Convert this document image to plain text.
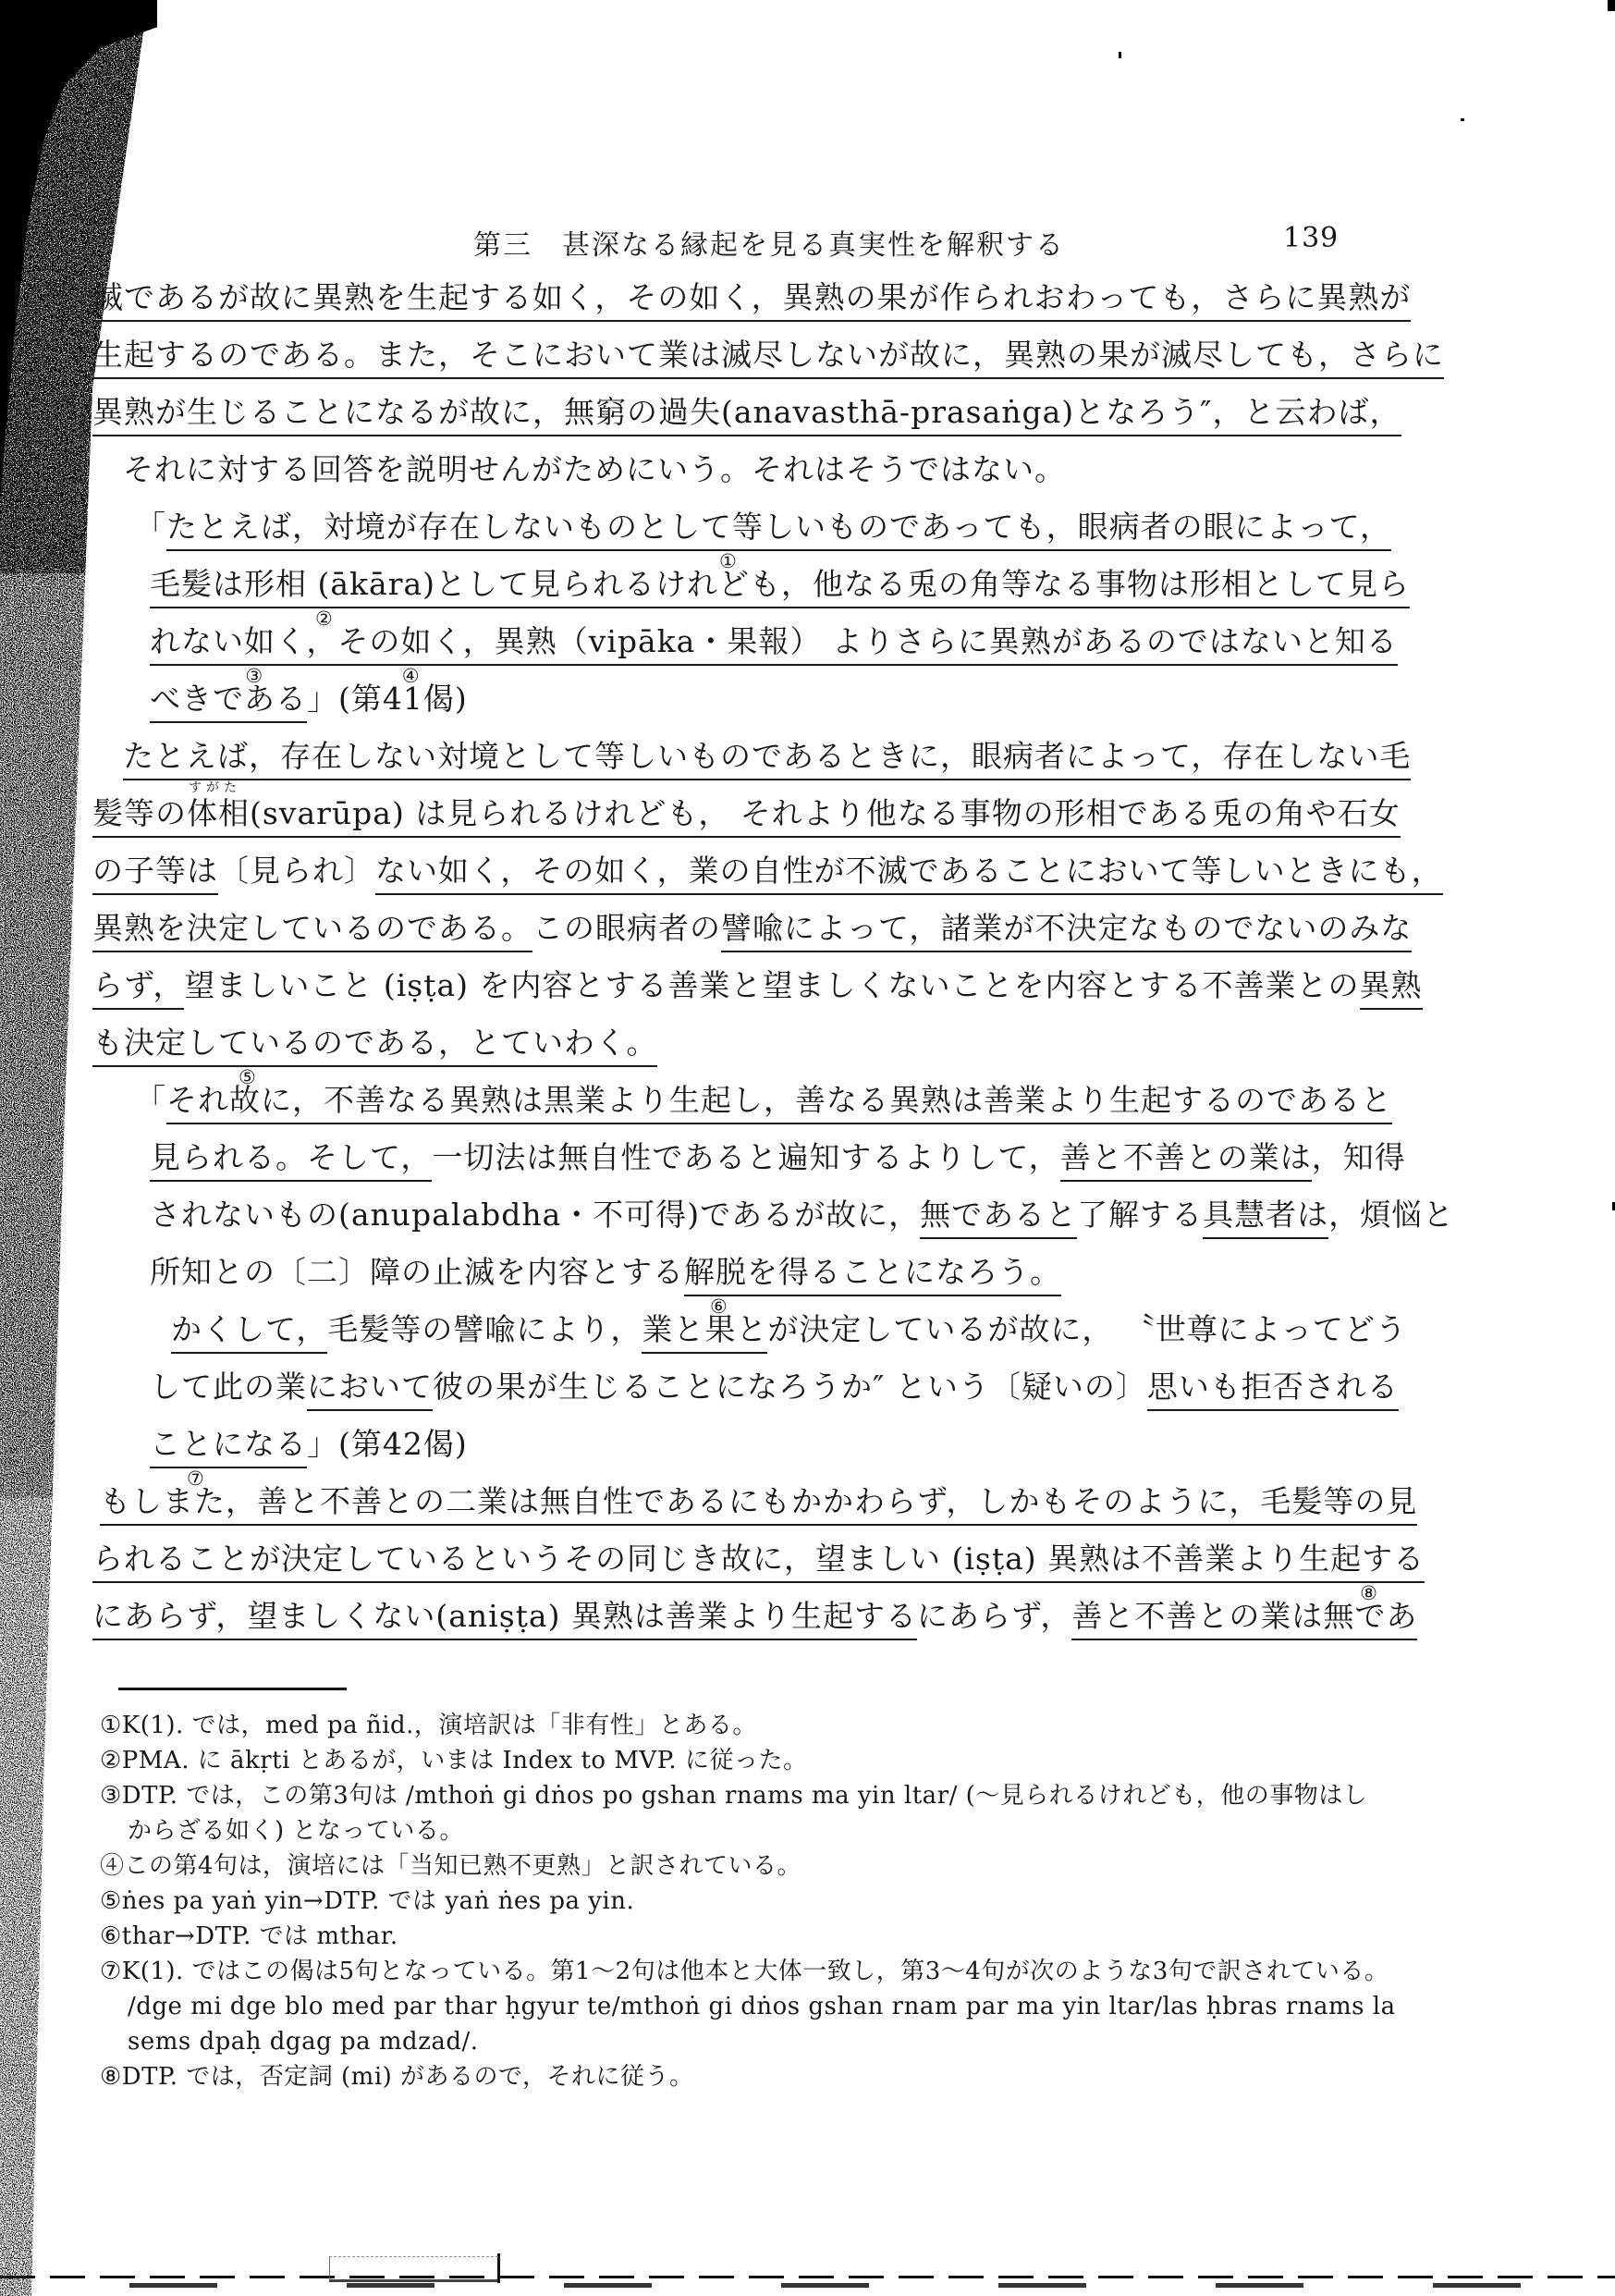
第三　甚深なる縁起を見る真実性を解釈する	139
滅であるが故に異熟を生起する如く，その如く，異熟の果が作られおわっても，さらに異熟が
生起するのである。また，そこにおいて業は滅尽しないが故に，異熟の果が滅尽しても，さらに
異熟が生じることになるが故に，無窮の過失(anavasthā-prasaṅga)となろう″，と云わば，
それに対する回答を説明せんがためにいう。それはそうではない。
「たとえば，対境が存在しないものとして
①
等しいものであっても，眼病者の眼によって，
毛髪は形相 (ākāra)
②
として見られるけれども，他なる兎の角等なる事物は形相として見ら
れない如く，
③
その如く，
④
異熟（vipāka・果報） よりさらに異熟があるのではないと知る
べきである」(第41偈)
たとえば，存在しない対境として等しいものであるときに，眼病者によって，存在しない毛
髪等の体相
すがた
(svarūpa) は見られるけれども， それより他なる事物の形相である兎の角や石女
の子等は〔見られ〕ない如く，その如く，業の自性が不滅であることにおいて等しいときにも，
異熟を決定しているのである。この眼病者の譬喩によって，諸業が不決定なものでないのみな
らず，望ましいこと (iṣṭa) を内容とする善業と望ましくないことを内容とする不善業との異熟
も決定している
⑤
のである，とていわく。
「それ故に，不善なる異熟は黒業より生起し，善なる異熟は善業より生起するのであると
見られる。そして，一切法は無自性であると遍知するよりして，善と不善との業は，知得
されないもの(anupalabdha・不可得)であるが故に，無であると了解する具慧者は，煩悩と
所知との〔二〕障の止滅を内容とする解脱
⑥
を得ることになろう。
かくして，毛髪等の譬喩により，業と果とが決定しているが故に， 〝世尊によってどう
して此の業において彼の果が生じることになろうか″ という〔疑いの〕思いも拒否される
ことになる
⑦
」(第42偈)
もしまた，善と不善との二業は無自性であるにもかかわらず，しかもそのように，毛髪等の見
られることが決定しているというその同じき故に，望ましい (iṣṭa) 異熟は不善業より生起する
⑧
にあらず，望ましくない(aniṣṭa) 異熟は善業より生起するにあらず，善と不善との業は無であ
①K(1). では，med pa ñid.，演培訳は「非有性」とある。
②PMA. に ākṛti とあるが，いまは Index to MVP. に従った。
③DTP. では，この第3句は /mthoṅ gi dṅos po gshan rnams ma yin ltar/ (～見られるけれども，他の事物はし
からざる如く) となっている。
④この第4句は，演培には「当知已熟不更熟」と訳されている。
⑤ṅes pa yaṅ yin→DTP. では yaṅ ṅes pa yin.
⑥thar→DTP. では mthar.
⑦K(1). ではこの偈は5句となっている。第1～2句は他本と大体一致し，第3～4句が次のような3句で訳されている。
/dge mi dge blo med par thar ḥgyur te/mthoṅ gi dṅos gshan rnam par ma yin ltar/las ḥbras rnams la
sems dpaḥ dgag pa mdzad/.
⑧DTP. では，否定詞 (mi) があるので，それに従う。
